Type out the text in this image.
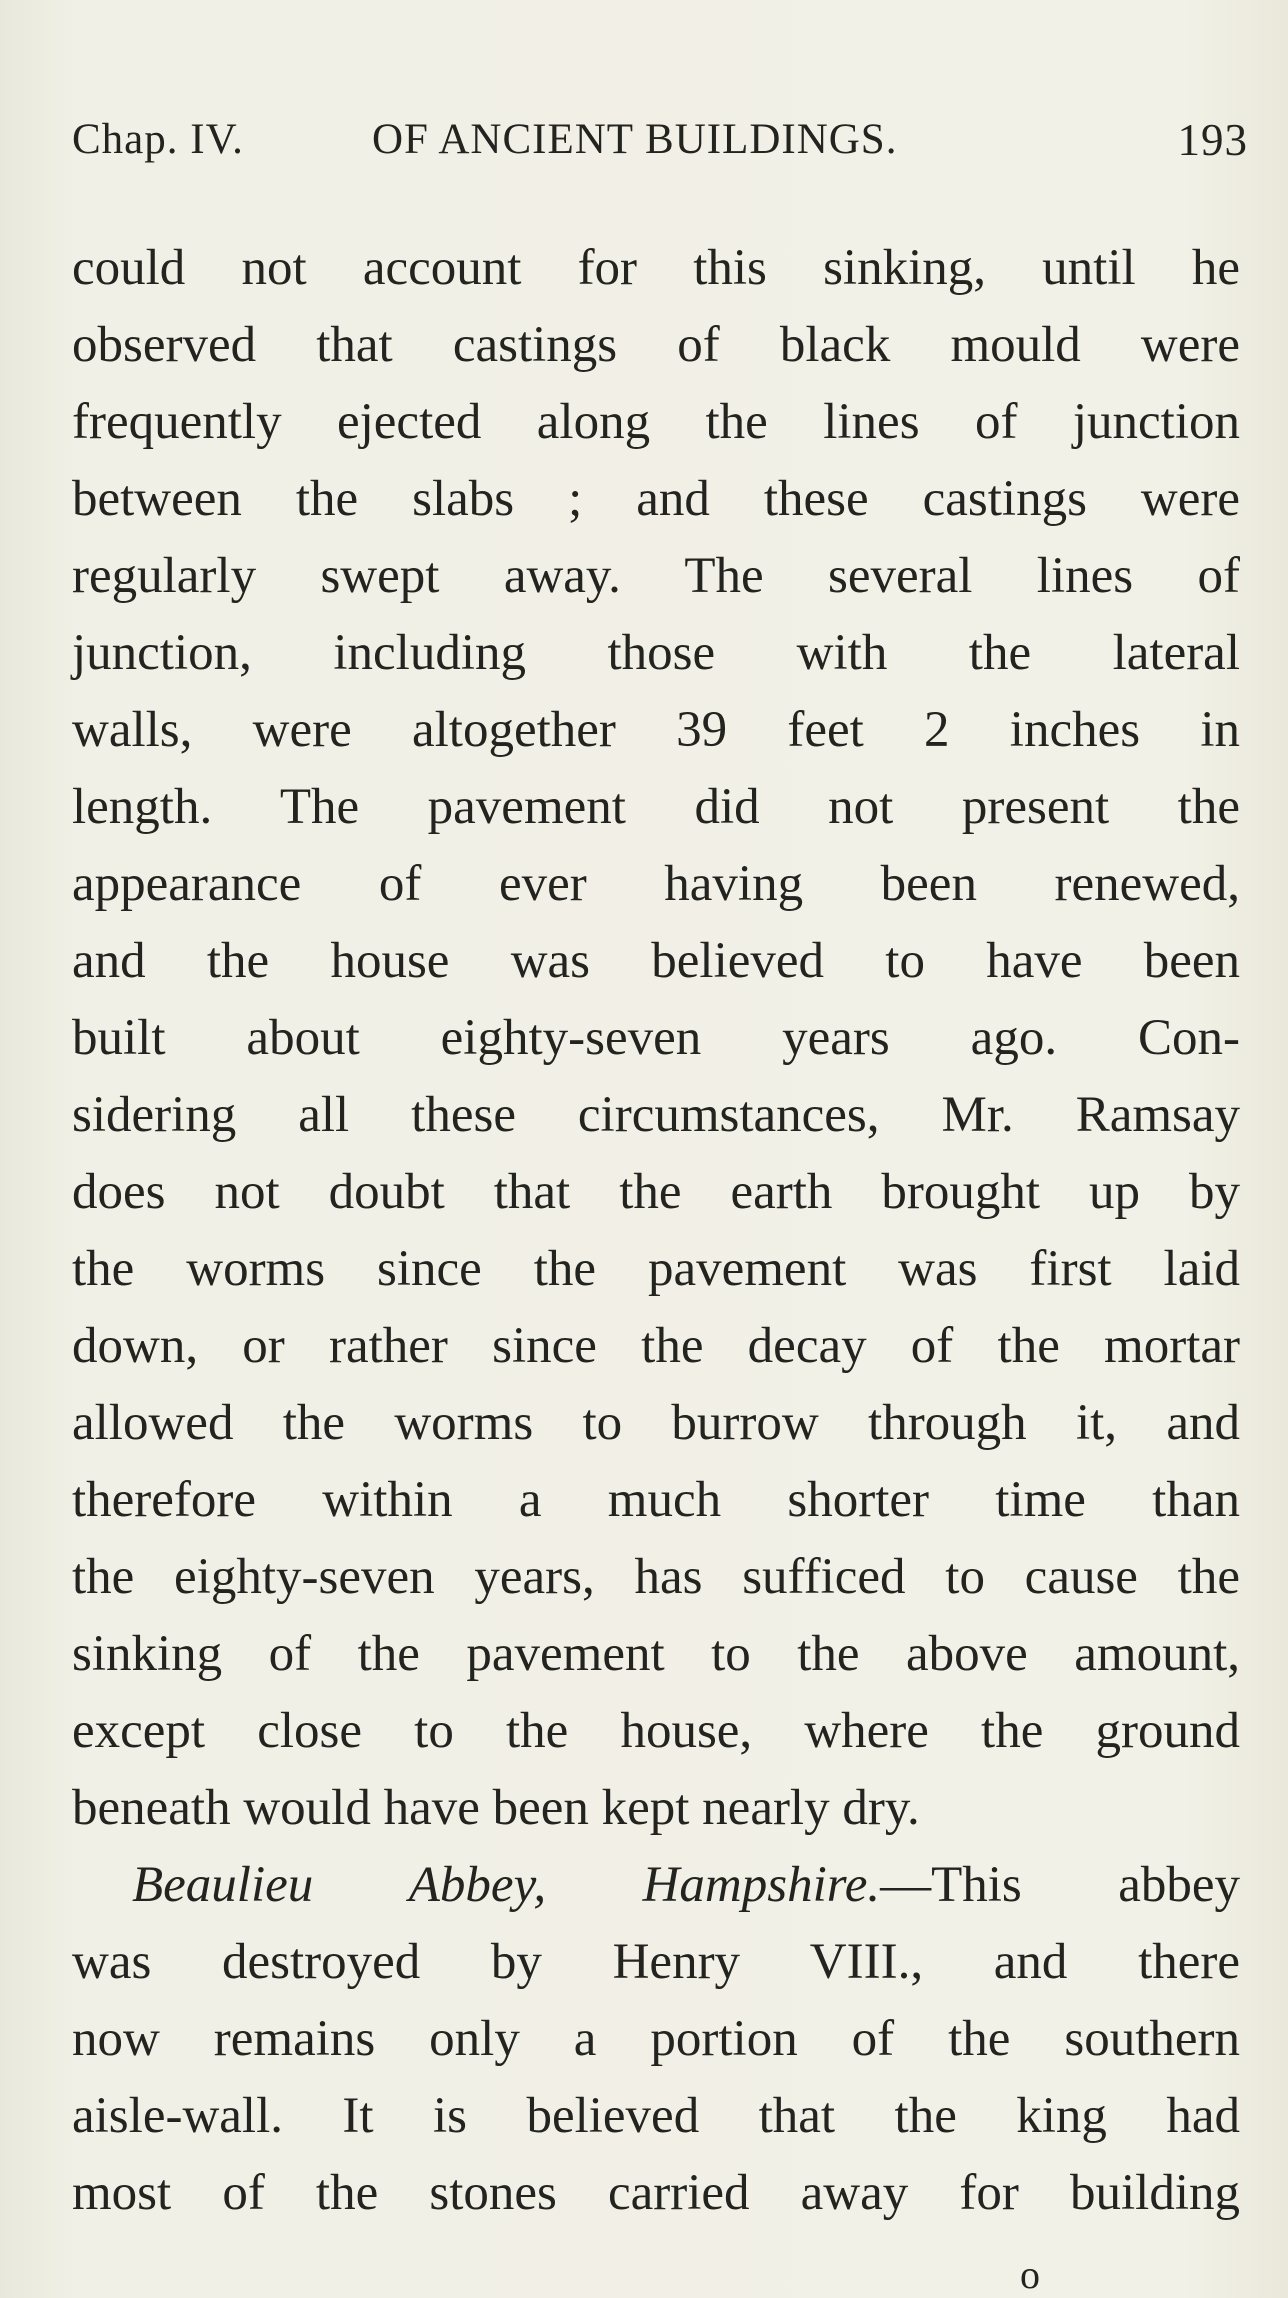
Chap. IV.	OF ANCIENT BUILDINGS.	193
could not account for this sinking, until he
observed that castings of black mould were
frequently ejected along the lines of junction
between the slabs ; and these castings were
regularly swept away. The several lines of
junction, including those with the lateral
walls, were altogether 39 feet 2 inches in
length. The pavement did not present the
appearance of ever having been renewed,
and the house was believed to have been
built about eighty-seven years ago. Con-
sidering all these circumstances, Mr. Ramsay
does not doubt that the earth brought up by
the worms since the pavement was first laid
down, or rather since the decay of the mortar
allowed the worms to burrow through it, and
therefore within a much shorter time than
the eighty-seven years, has sufficed to cause the
sinking of the pavement to the above amount,
except close to the house, where the ground
beneath would have been kept nearly dry.
Beaulieu Abbey, Hampshire.—This abbey
was destroyed by Henry VIII., and there
now remains only a portion of the southern
aisle-wall. It is believed that the king had
most of the stones carried away for building
o
